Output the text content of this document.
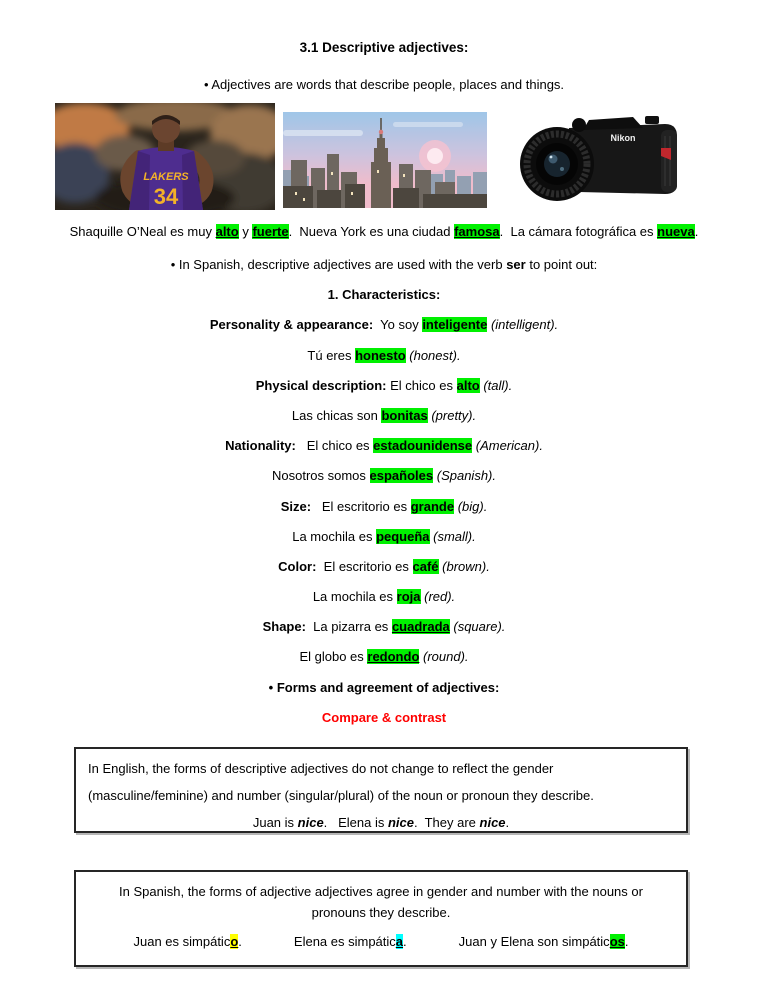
3.1 Descriptive adjectives:
• Adjectives are words that describe people, places and things.
LAKERS
34
Nikon
Shaquille O’Neal es muy alto y fuerte.  Nueva York es una ciudad famosa.  La cámara fotográfica es nueva.
• In Spanish, descriptive adjectives are used with the verb ser to point out:
1. Characteristics:
Personality & appearance:  Yo soy inteligente (intelligent).
Tú eres honesto (honest).
Physical description: El chico es alto (tall).
Las chicas son bonitas (pretty).
Nationality:   El chico es estadounidense (American).
Nosotros somos españoles (Spanish).
Size:   El escritorio es grande (big).
La mochila es pequeña (small).
Color:  El escritorio es café (brown).
La mochila es roja (red).
Shape:  La pizarra es cuadrada (square).
El globo es redondo (round).
• Forms and agreement of adjectives:
Compare & contrast
In English, the forms of descriptive adjectives do not change to reflect the gender
(masculine/feminine) and number (singular/plural) of the noun or pronoun they describe.
Juan is nice.   Elena is nice.  They are nice.
In Spanish, the forms of adjective adjectives agree in gender and number with the nouns or pronouns they describe.
Juan es simpático.	Elena es simpática.	Juan y Elena son simpáticos.
